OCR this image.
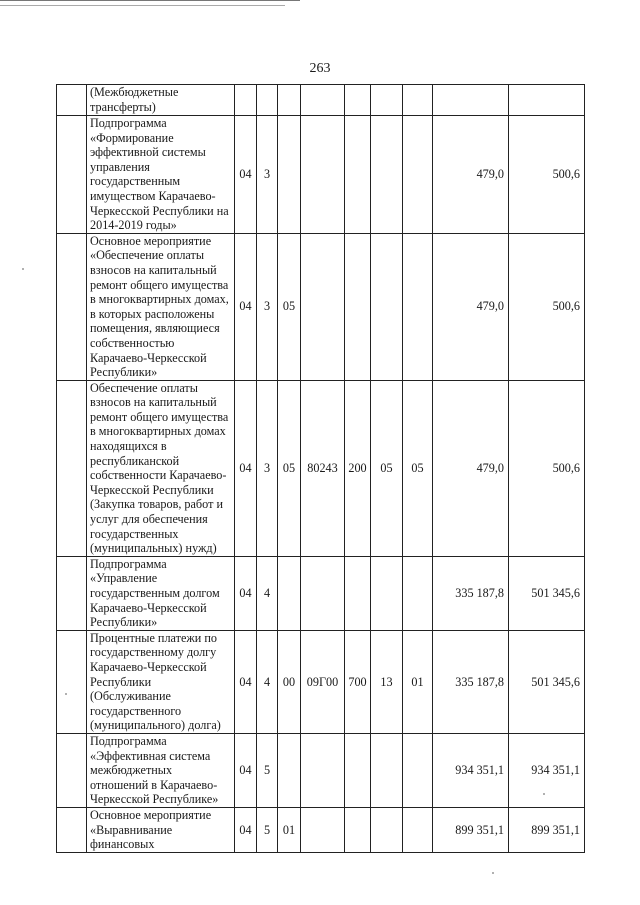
263
	(Межбюджетные трансферты)									
	Подпрограмма «Формирование эффективной системы управления государственным имуществом Карачаево-Черкесской Республики на 2014-2019 годы»	04	3						479,0	500,6
	Основное мероприятие «Обеспечение оплаты взносов на капитальный ремонт общего имущества в многоквартирных домах, в которых расположены помещения, являющиеся собственностью Карачаево-Черкесской Республики»	04	3	05					479,0	500,6
	Обеспечение оплаты взносов на капитальный ремонт общего имущества в многоквартирных домах находящихся в республиканской собственности Карачаево-Черкесской Республики (Закупка товаров, работ и услуг для обеспечения государственных (муниципальных) нужд)	04	3	05	80243	200	05	05	479,0	500,6
	Подпрограмма «Управление государственным долгом Карачаево-Черкесской Республики»	04	4						335 187,8	501 345,6
	Процентные платежи по государственному долгу Карачаево-Черкесской Республики (Обслуживание государственного (муниципального) долга)	04	4	00	09Г00	700	13	01	335 187,8	501 345,6
	Подпрограмма «Эффективная система межбюджетных отношений в Карачаево-Черкесской Республике»	04	5						934 351,1	934 351,1
	Основное мероприятие «Выравнивание финансовых	04	5	01					899 351,1	899 351,1
